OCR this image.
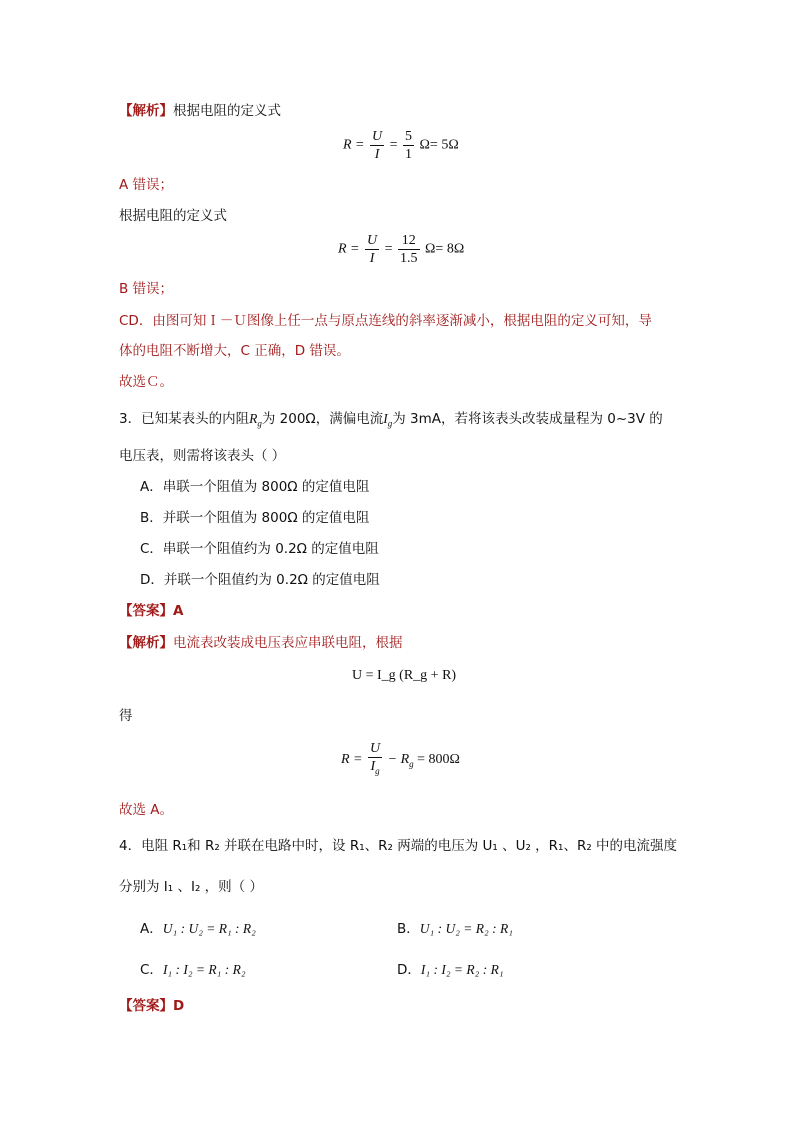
【解析】根据电阻的定义式
$R = \frac{U}{I} = \frac{5}{1} \Omega= 5\Omega$
A 错误；
根据电阻的定义式
$R = \frac{U}{I} = \frac{12}{1.5} \Omega= 8\Omega$
B 错误；
CD．由图可知Ｉ－Ｕ图像上任一点与原点连线的斜率逐渐减小，根据电阻的定义可知，导
体的电阻不断增大，C 正确，D 错误。
故选Ｃ。
3．已知某表头的内阻$R_g$为 200Ω，满偏电流$I_g$为 3mA，若将该表头改装成量程为 0~3V 的
电压表，则需将该表头（ ）
A．串联一个阻值为 800Ω 的定值电阻
B．并联一个阻值为 800Ω 的定值电阻
C．串联一个阻值约为 0.2Ω 的定值电阻
D．并联一个阻值约为 0.2Ω 的定值电阻
【答案】A
【解析】电流表改装成电压表应串联电阻，根据
U = I_g (R_g + R)
得
$R = \frac{U}{I_g} - R_g = 800\Omega$
故选 A。
4．电阻 R₁和 R₂ 并联在电路中时，设 R₁、R₂ 两端的电压为 U₁ 、U₂ ，R₁、R₂ 中的电流强度
分别为 I₁ 、I₂ ，则（ ）
A．U₁ : U₂ = R₁ : R₂	B．U₁ : U₂ = R₂ : R₁
C．I₁ : I₂ = R₁ : R₂	D．I₁ : I₂ = R₂ : R₁
【答案】D
